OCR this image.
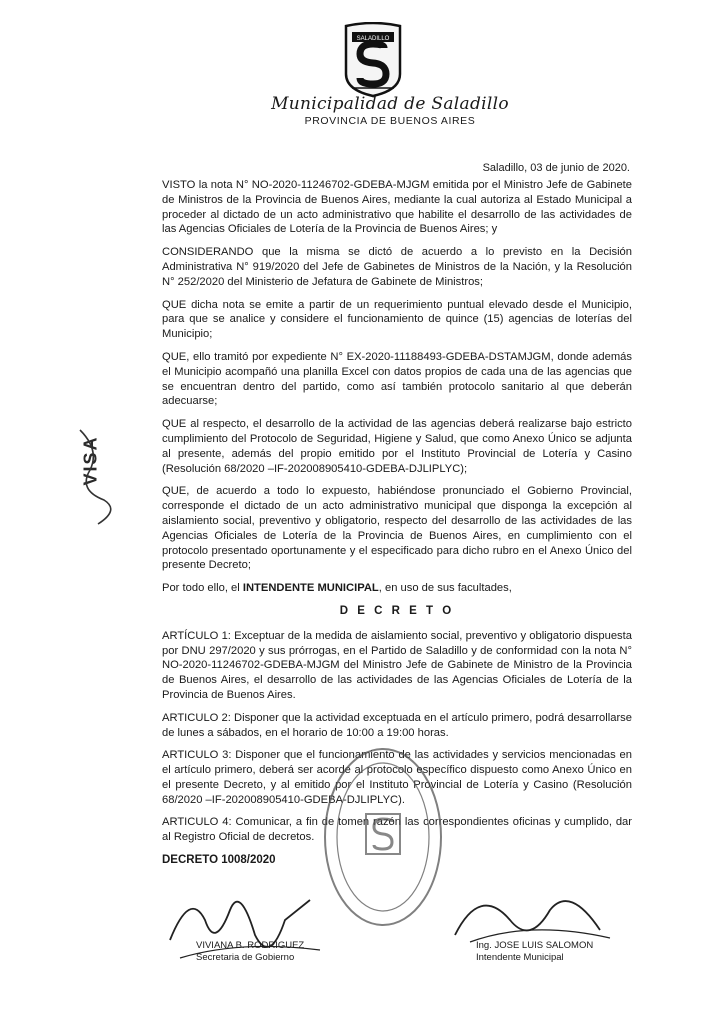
SALADILLO
Municipalidad de Saladillo
PROVINCIA DE BUENOS AIRES
Saladillo, 03 de junio de 2020.

VISTO la nota N° NO-2020-11246702-GDEBA-MJGM emitida por el Ministro Jefe de Gabinete de Ministros de la Provincia de Buenos Aires, mediante la cual autoriza al Estado Municipal a proceder al dictado de un acto administrativo que habilite el desarrollo de las actividades de las Agencias Oficiales de Lotería de la Provincia de Buenos Aires; y

CONSIDERANDO que la misma se dictó de acuerdo a lo previsto en la Decisión Administrativa N° 919/2020 del Jefe de Gabinetes de Ministros de la Nación, y la Resolución N° 252/2020 del Ministerio de Jefatura de Gabinete de Ministros;

QUE dicha nota se emite a partir de un requerimiento puntual elevado desde el Municipio, para que se analice y considere el funcionamiento de quince (15) agencias de loterías del Municipio;

QUE, ello tramitó por expediente N° EX-2020-11188493-GDEBA-DSTAMJGM, donde además el Municipio acompañó una planilla Excel con datos propios de cada una de las agencias que se encuentran dentro del partido, como así también protocolo sanitario al que deberán adecuarse;

QUE al respecto, el desarrollo de la actividad de las agencias deberá realizarse bajo estricto cumplimiento del Protocolo de Seguridad, Higiene y Salud, que como Anexo Único se adjunta al presente, además del propio emitido por el Instituto Provincial de Lotería y Casino (Resolución 68/2020 –IF-202008905410-GDEBA-DJLIPLYC);

QUE, de acuerdo a todo lo expuesto, habiéndose pronunciado el Gobierno Provincial, corresponde el dictado de un acto administrativo municipal que disponga la excepción al aislamiento social, preventivo y obligatorio, respecto del desarrollo de las actividades de las Agencias Oficiales de Lotería de la Provincia de Buenos Aires, en cumplimiento con el protocolo presentado oportunamente y el especificado para dicho rubro en el Anexo Único del presente Decreto;

Por todo ello, el INTENDENTE MUNICIPAL, en uso de sus facultades,

D E C R E T O

ARTÍCULO 1: Exceptuar de la medida de aislamiento social, preventivo y obligatorio dispuesta por DNU 297/2020 y sus prórrogas, en el Partido de Saladillo y de conformidad con la nota N° NO-2020-11246702-GDEBA-MJGM del Ministro Jefe de Gabinete de Ministro de la Provincia de Buenos Aires, el desarrollo de las actividades de las Agencias Oficiales de Lotería de la Provincia de Buenos Aires.

ARTICULO 2: Disponer que la actividad exceptuada en el artículo primero, podrá desarrollarse de lunes a sábados, en el horario de 10:00 a 19:00 horas.

ARTICULO 3: Disponer que el funcionamiento de las actividades y servicios mencionadas en el artículo primero, deberá ser acorde al protocolo específico dispuesto como Anexo Único en el presente Decreto, y al emitido por el Instituto Provincial de Lotería y Casino (Resolución 68/2020 –IF-202008905410-GDEBA-DJLIPLYC).

ARTICULO 4: Comunicar, a fin de tomen razón las correspondientes oficinas y cumplido, dar al Registro Oficial de decretos.

DECRETO 1008/2020

VISA
VIVIANA B. RODRIGUEZ
Secretaria de Gobierno
Ing. JOSE LUIS SALOMON
Intendente Municipal
